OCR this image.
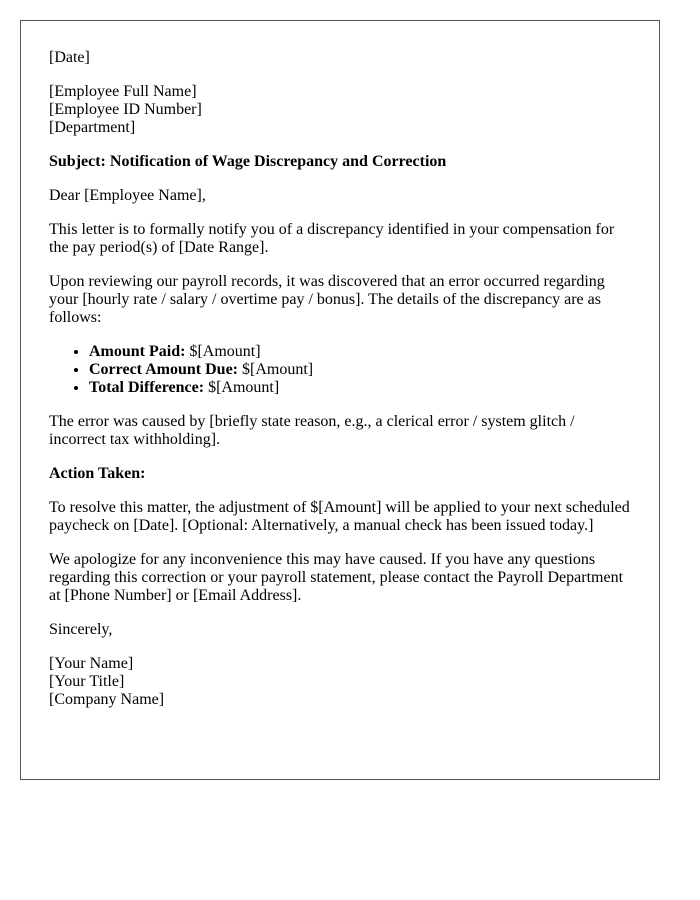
[Date]

[Employee Full Name]
[Employee ID Number]
[Department]

Subject: Notification of Wage Discrepancy and Correction

Dear [Employee Name],

This letter is to formally notify you of a discrepancy identified in your compensation for the pay period(s) of [Date Range].

Upon reviewing our payroll records, it was discovered that an error occurred regarding your [hourly rate / salary / overtime pay / bonus]. The details of the discrepancy are as follows:

• Amount Paid: $[Amount]
• Correct Amount Due: $[Amount]
• Total Difference: $[Amount]

The error was caused by [briefly state reason, e.g., a clerical error / system glitch / incorrect tax withholding].

Action Taken:

To resolve this matter, the adjustment of $[Amount] will be applied to your next scheduled paycheck on [Date]. [Optional: Alternatively, a manual check has been issued today.]

We apologize for any inconvenience this may have caused. If you have any questions regarding this correction or your payroll statement, please contact the Payroll Department at [Phone Number] or [Email Address].

Sincerely,

[Your Name]
[Your Title]
[Company Name]
